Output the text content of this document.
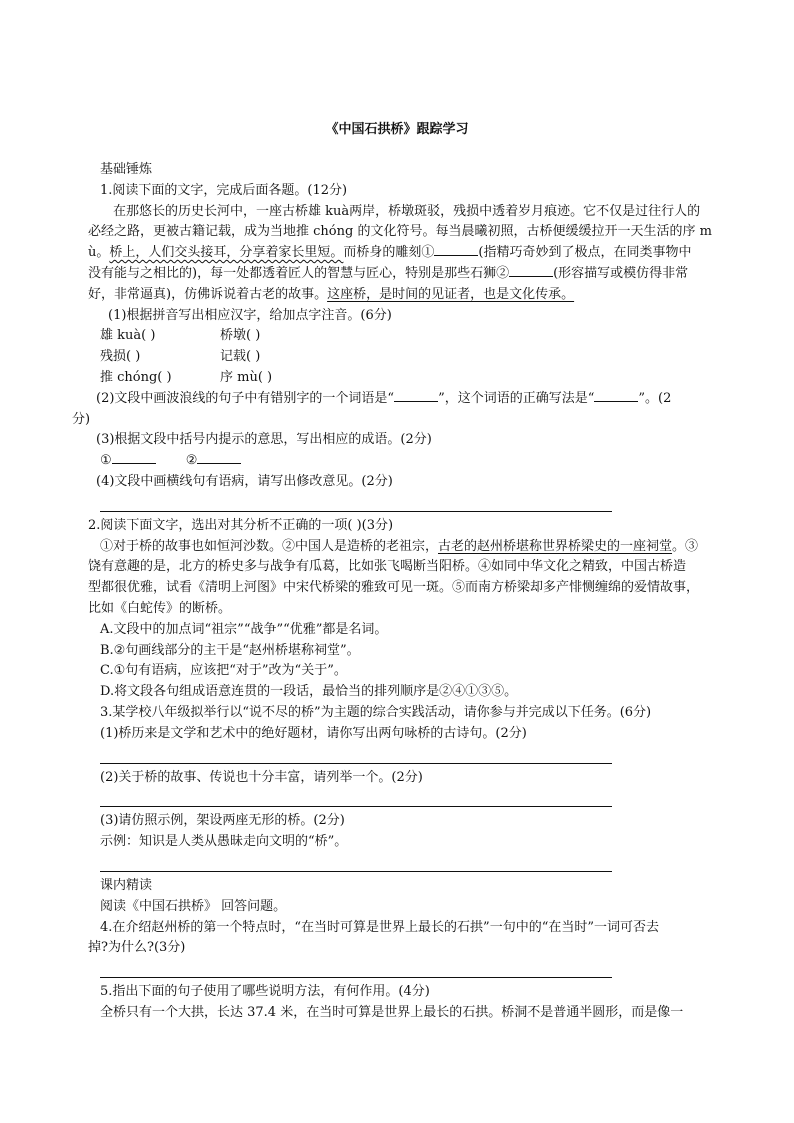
《中国石拱桥》跟踪学习
基础锤炼
1.阅读下面的文字，完成后面各题。(12分)
 在那悠长的历史长河中，一座古桥雄 kuà两岸，桥墩斑驳，残损中透着岁月痕迹。它不仅是过往行人的
必经之路，更被古籍记载，成为当地推 chóng 的文化符号。每当晨曦初照，古桥便缓缓拉开一天生活的序 m
ù。桥上，人们交头接耳，分享着家长里短。而桥身的雕刻①	(指精巧奇妙到了极点，在同类事物中
没有能与之相比的)，每一处都透着匠人的智慧与匠心，特别是那些石狮②	(形容描写或模仿得非常
好，非常逼真)，仿佛诉说着古老的故事。这座桥，是时间的见证者，也是文化传承。
(1)根据拼音写出相应汉字，给加点字注音。(6分)
雄 kuà( )	桥墩( )
残损( )	记载( )
推 chóng( )	序 mù( )
(2)文段中画波浪线的句子中有错别字的一个词语是“	”，这个词语的正确写法是“	”。(2
分)
(3)根据文段中括号内提示的意思，写出相应的成语。(2分)
①   	②
(4)文段中画横线句有语病，请写出修改意见。(2分)
2.阅读下面文字，选出对其分析不正确的一项( )(3分)
①对于桥的故事也如恒河沙数。②中国人是造桥的老祖宗，古老的赵州桥堪称世界桥梁史的一座祠堂。③
饶有意趣的是，北方的桥史多与战争有瓜葛，比如张飞喝断当阳桥。④如同中华文化之精致，中国古桥造
型都很优雅，试看《清明上河图》中宋代桥梁的雅致可见一斑。⑤而南方桥梁却多产悱恻缠绵的爱情故事，
比如《白蛇传》的断桥。
A.文段中的加点词“祖宗”“战争”“优雅”都是名词。
B.②句画线部分的主干是“赵州桥堪称祠堂”。
C.①句有语病，应该把“对于”改为“关于”。
D.将文段各句组成语意连贯的一段话，最恰当的排列顺序是②④①③⑤。
3.某学校八年级拟举行以“说不尽的桥”为主题的综合实践活动，请你参与并完成以下任务。(6分)
(1)桥历来是文学和艺术中的绝好题材，请你写出两句咏桥的古诗句。(2分)
(2)关于桥的故事、传说也十分丰富，请列举一个。(2分)
(3)请仿照示例，架设两座无形的桥。(2分)
示例：知识是人类从愚昧走向文明的“桥”。
课内精读
阅读《中国石拱桥》 回答问题。
4.在介绍赵州桥的第一个特点时，“在当时可算是世界上最长的石拱”一句中的“在当时”一词可否去
掉?为什么?(3分)
5.指出下面的句子使用了哪些说明方法，有何作用。(4分)
全桥只有一个大拱，长达 37.4 米，在当时可算是世界上最长的石拱。桥洞不是普通半圆形，而是像一
